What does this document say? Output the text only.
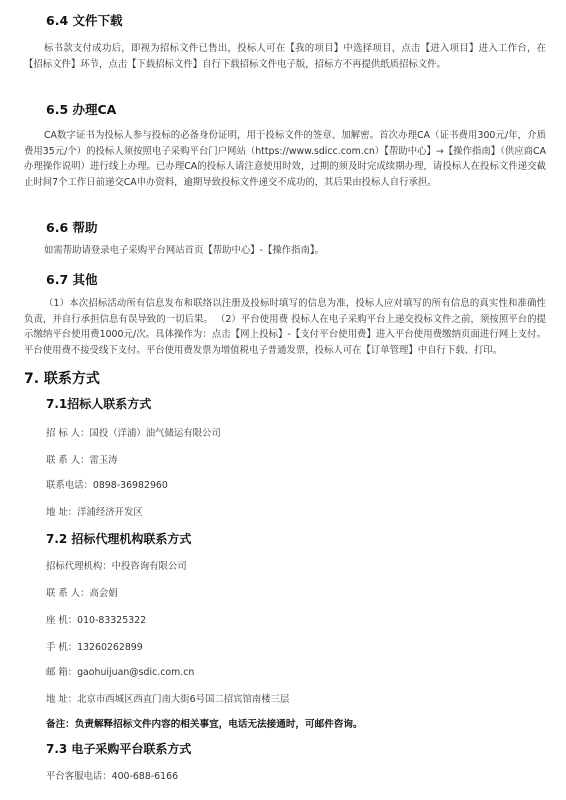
6.4 文件下载
标书款支付成功后，即视为招标文件已售出，投标人可在【我的项目】中选择项目，点击【进入项目】进入工作台，在【招标文件】环节，点击【下载招标文件】自行下载招标文件电子版，招标方不再提供纸质招标文件。
6.5 办理CA
CA数字证书为投标人参与投标的必备身份证明，用于投标文件的签章、加解密。首次办理CA（证书费用300元/年，介质费用35元/个）的投标人须按照电子采购平台门户网站（https://www.sdicc.com.cn）【帮助中心】→【操作指南】（供应商CA办理操作说明）进行线上办理。已办理CA的投标人请注意使用时效，过期的须及时完成续期办理，请投标人在投标文件递交截止时间7个工作日前递交CA申办资料，逾期导致投标文件递交不成功的，其后果由投标人自行承担。
6.6 帮助
如需帮助请登录电子采购平台网站首页【帮助中心】-【操作指南】。
6.7 其他
（1）本次招标活动所有信息发布和联络以注册及投标时填写的信息为准，投标人应对填写的所有信息的真实性和准确性负责，并自行承担信息有误导致的一切后果。 （2）平台使用费 投标人在电子采购平台上递交投标文件之前，须按照平台的提示缴纳平台使用费1000元/次。具体操作为：点击【网上投标】-【支付平台使用费】进入平台使用费缴纳页面进行网上支付。平台使用费不接受线下支付。平台使用费发票为增值税电子普通发票，投标人可在【订单管理】中自行下载、打印。
7. 联系方式
7.1招标人联系方式
招 标 人：国投（洋浦）油气储运有限公司
联 系 人：雷玉涛
联系电话：0898-36982960
地 址：洋浦经济开发区
7.2 招标代理机构联系方式
招标代理机构：中投咨询有限公司
联 系 人：高会娟
座 机：010-83325322
手 机：13260262899
邮 箱：gaohuijuan@sdic.com.cn
地 址：北京市西城区西直门南大街6号国二招宾馆南楼三层
备注：负责解释招标文件内容的相关事宜，电话无法接通时，可邮件咨询。
7.3 电子采购平台联系方式
平台客服电话：400-688-6166
